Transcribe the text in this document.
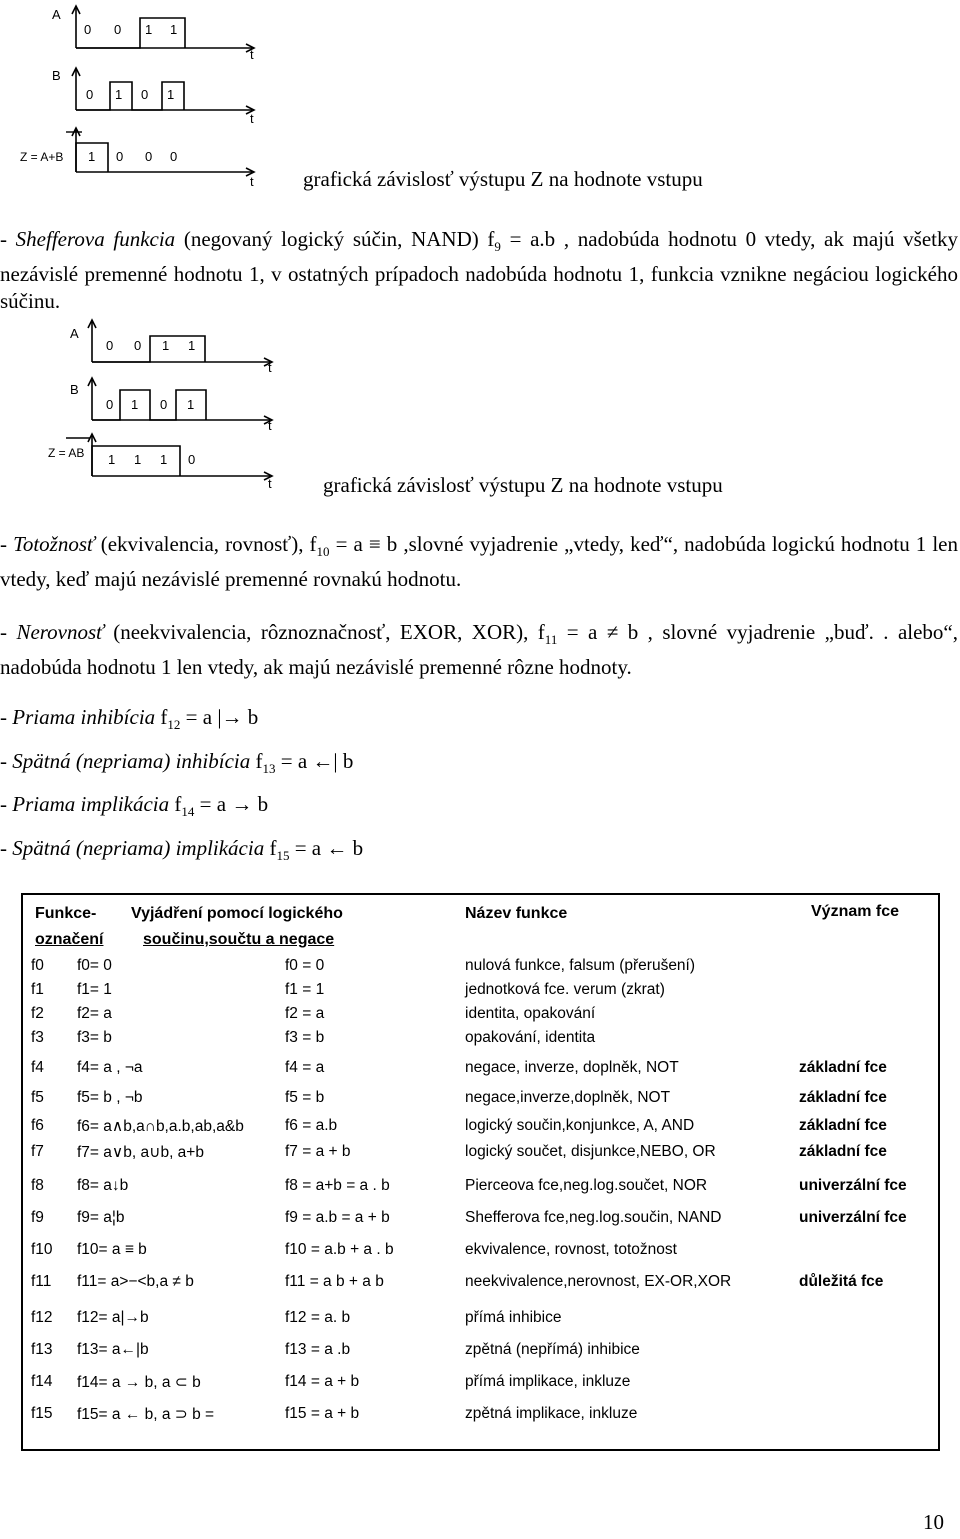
A
B
Z = A+B
0 0 1 1
0 1 0 1
1 0 0 0
t
t
t grafická závislosť výstupu Z na hodnote vstupu
- Shefferova funkcia (negovaný logický súčin, NAND) $f_9 = a.b$ , nadobúda hodnotu 0 vtedy, ak majú všetky nezávislé premenné hodnotu 1, v ostatných prípadoch nadobúda hodnotu 1, funkcia vznikne negáciou logického súčinu.
A
B
Z = AB
0 0 1 1
0 1 0 1
1 1 1 0
t
t
t grafická závislosť výstupu Z na hodnote vstupu
- Totožnosť (ekvivalencia, rovnosť), $f_{10} = a \equiv b$ ,slovné vyjadrenie „vtedy, keď“, nadobúda logickú hodnotu 1 len vtedy, keď majú nezávislé premenné rovnakú hodnotu.
- Nerovnosť (neekvivalencia, rôznoznačnosť, EXOR, XOR), $f_{11} = a \ne b$ , slovné vyjadrenie „buď. . alebo“, nadobúda hodnotu 1 len vtedy, ak majú nezávislé premenné rôzne hodnoty.
- Priama inhibícia $f_{12} = a$ |→ b
- Spätná (nepriama) inhibícia $f_{13} = a$ ←| b
- Priama implikácia $f_{14} = a \to b$
- Spätná (nepriama) implikácia $f_{15} = a$ ← b
Funkce-
označení
Vyjádření pomocí logického
součinu,součtu a negace
Název funkce	Význam fce
f0 f0= 0	f0 = 0	nulová funkce, falsum (přerušení)
f1 f1= 1	f1 = 1	jednotková fce. verum (zkrat)
f2 f2= a	f2 = a	identita, opakování
f3 f3= b	f3 = b	opakování, identita
f4 f4= a , ¬a	f4 = a	negace, inverze, doplněk, NOT	základní fce
f5 f5= b , ¬b	f5 = b	negace,inverze,doplněk, NOT	základní fce
f6 f6= a∧b,a∩b,a.b,ab,a&b	f6 = a.b	logický součin,konjunkce, A, AND	základní fce
f7 f7= a∨b, a∪b, a+b	f7 = a + b	logický součet, disjunkce,NEBO, OR	základní fce
f8 f8= a↓b	f8 = a+b = a . b	Pierceova fce,neg.log.součet, NOR	univerzální fce
f9 f9= a¦b	f9 = a.b = a + b	Shefferova fce,neg.log.součin, NAND	univerzální fce
f10 f10= a ≡ b	f10 = a.b + a . b	ekvivalence, rovnost, totožnost
f11 f11= a>−<b,a ≠ b	f11 = a b + a b	neekvivalence,nerovnost, EX-OR,XOR	důležitá fce
f12 f12= a|→b	f12 = a. b	přímá inhibice
f13 f13= a←|b	f13 = a .b	zpětná (nepřímá) inhibice
f14 f14= a → b, a ⊂ b	f14 = a + b	přímá implikace, inkluze
f15 f15= a ← b, a ⊃ b =	f15 = a + b	zpětná implikace, inkluze
10
